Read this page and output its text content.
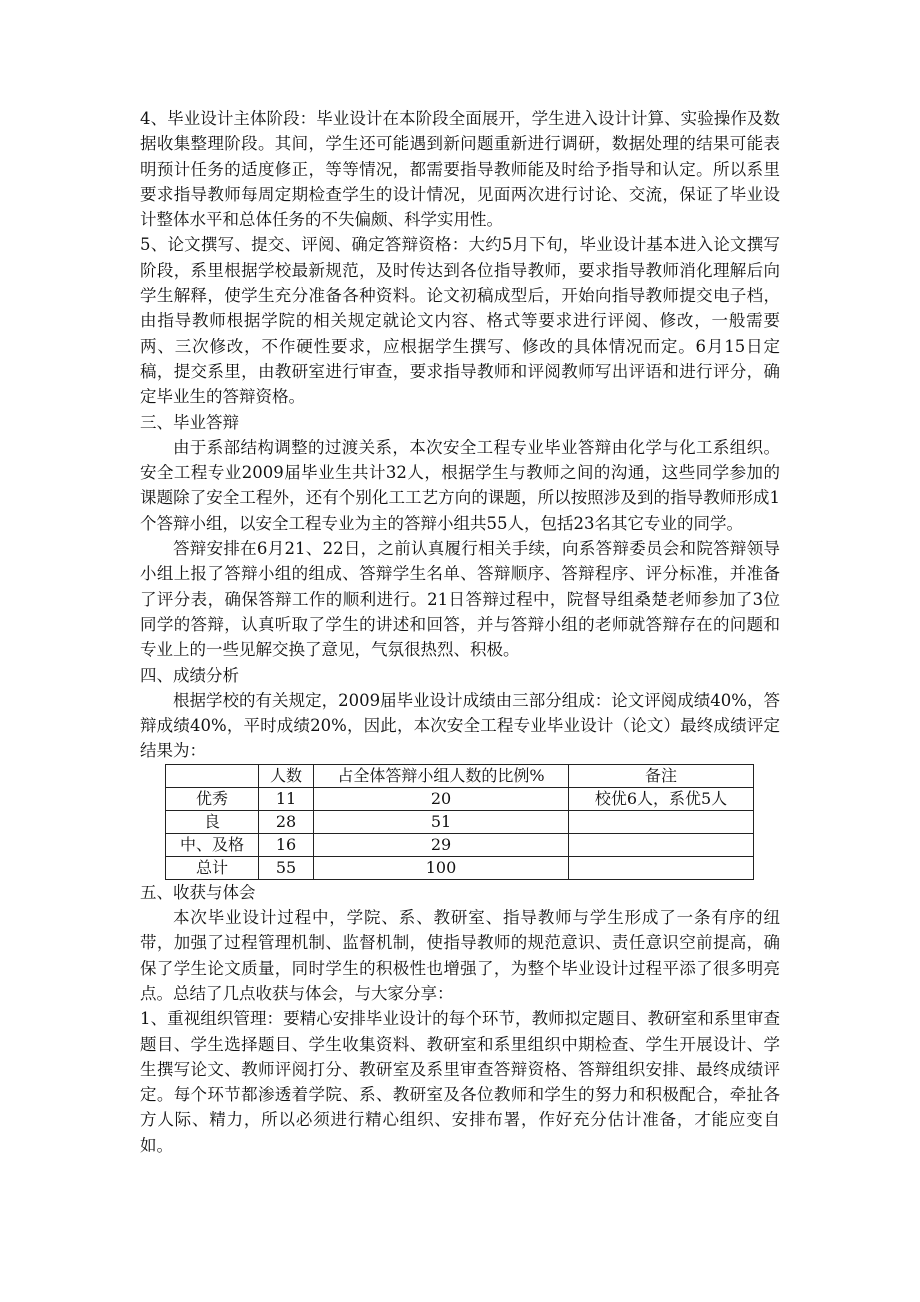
4、毕业设计主体阶段：毕业设计在本阶段全面展开，学生进入设计计算、实验操作及数据收集整理阶段。其间，学生还可能遇到新问题重新进行调研，数据处理的结果可能表明预计任务的适度修正，等等情况，都需要指导教师能及时给予指导和认定。所以系里要求指导教师每周定期检查学生的设计情况，见面两次进行讨论、交流，保证了毕业设计整体水平和总体任务的不失偏颇、科学实用性。

5、论文撰写、提交、评阅、确定答辩资格：大约5月下旬，毕业设计基本进入论文撰写阶段，系里根据学校最新规范，及时传达到各位指导教师，要求指导教师消化理解后向学生解释，使学生充分准备各种资料。论文初稿成型后，开始向指导教师提交电子档，由指导教师根据学院的相关规定就论文内容、格式等要求进行评阅、修改，一般需要两、三次修改，不作硬性要求，应根据学生撰写、修改的具体情况而定。6月15日定稿，提交系里，由教研室进行审查，要求指导教师和评阅教师写出评语和进行评分，确定毕业生的答辩资格。

三、毕业答辩

由于系部结构调整的过渡关系，本次安全工程专业毕业答辩由化学与化工系组织。安全工程专业2009届毕业生共计32人，根据学生与教师之间的沟通，这些同学参加的课题除了安全工程外，还有个别化工工艺方向的课题，所以按照涉及到的指导教师形成1个答辩小组，以安全工程专业为主的答辩小组共55人，包括23名其它专业的同学。

答辩安排在6月21、22日，之前认真履行相关手续，向系答辩委员会和院答辩领导小组上报了答辩小组的组成、答辩学生名单、答辩顺序、答辩程序、评分标准，并准备了评分表，确保答辩工作的顺利进行。21日答辩过程中，院督导组桑楚老师参加了3位同学的答辩，认真听取了学生的讲述和回答，并与答辩小组的老师就答辩存在的问题和专业上的一些见解交换了意见，气氛很热烈、积极。

四、成绩分析

根据学校的有关规定，2009届毕业设计成绩由三部分组成：论文评阅成绩40%，答辩成绩40%，平时成绩20%，因此，本次安全工程专业毕业设计（论文）最终成绩评定结果为：

	人数	占全体答辩小组人数的比例%	备注
优秀	11	20	校优6人，系优5人
良	28	51	
中、及格	16	29	
总计	55	100	

五、收获与体会

本次毕业设计过程中，学院、系、教研室、指导教师与学生形成了一条有序的纽带，加强了过程管理机制、监督机制，使指导教师的规范意识、责任意识空前提高，确保了学生论文质量，同时学生的积极性也增强了，为整个毕业设计过程平添了很多明亮点。总结了几点收获与体会，与大家分享：

1、重视组织管理：要精心安排毕业设计的每个环节，教师拟定题目、教研室和系里审查题目、学生选择题目、学生收集资料、教研室和系里组织中期检查、学生开展设计、学生撰写论文、教师评阅打分、教研室及系里审查答辩资格、答辩组织安排、最终成绩评定。每个环节都渗透着学院、系、教研室及各位教师和学生的努力和积极配合，牵扯各方人际、精力，所以必须进行精心组织、安排布署，作好充分估计准备，才能应变自如。
